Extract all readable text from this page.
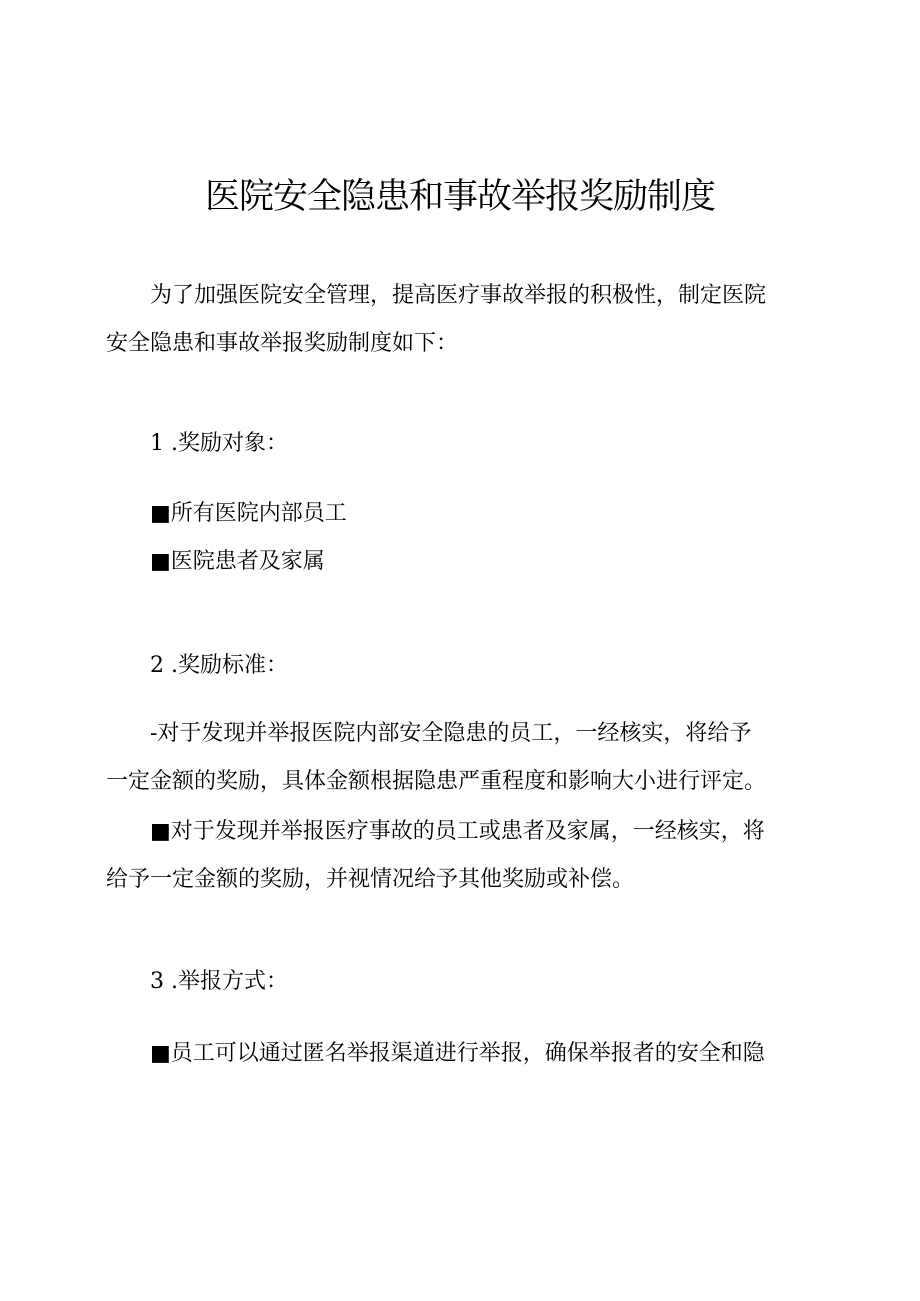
医院安全隐患和事故举报奖励制度
为了加强医院安全管理，提高医疗事故举报的积极性，制定医院
安全隐患和事故举报奖励制度如下：
1 .奖励对象：
■所有医院内部员工
■医院患者及家属
2 .奖励标准：
-对于发现并举报医院内部安全隐患的员工，一经核实，将给予
一定金额的奖励，具体金额根据隐患严重程度和影响大小进行评定。
■对于发现并举报医疗事故的员工或患者及家属，一经核实，将
给予一定金额的奖励，并视情况给予其他奖励或补偿。
3 .举报方式：
■员工可以通过匿名举报渠道进行举报，确保举报者的安全和隐
